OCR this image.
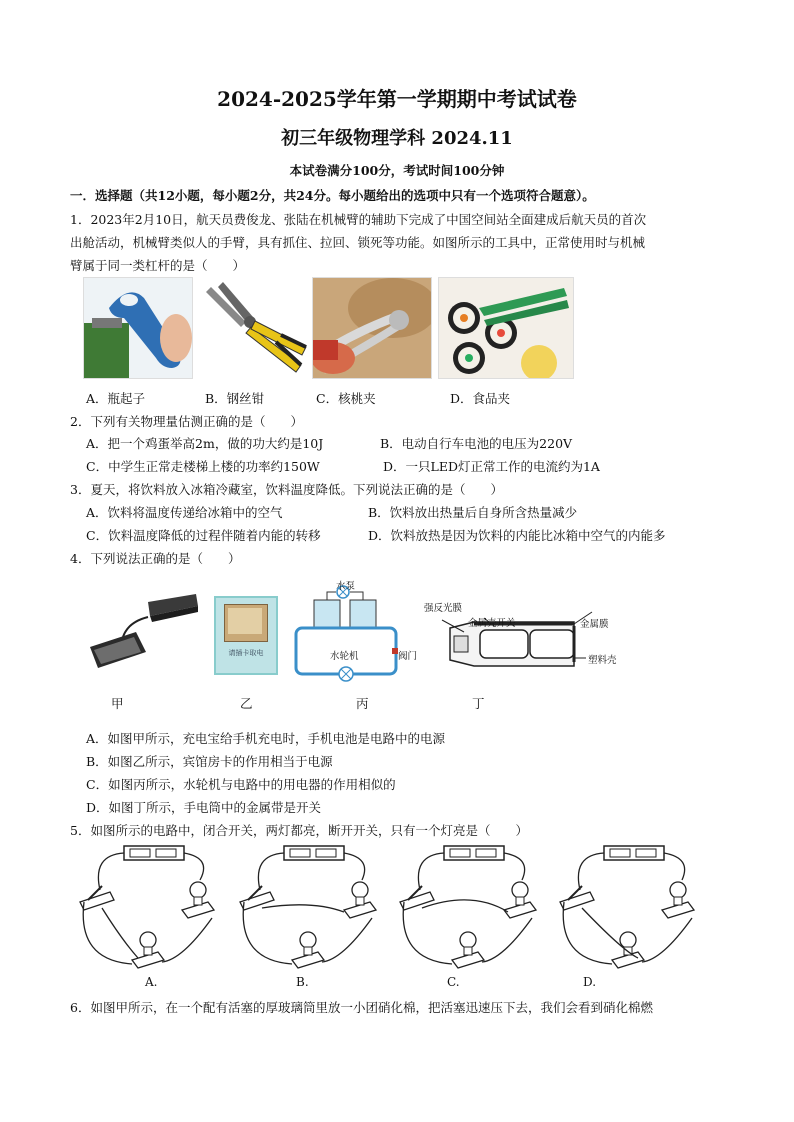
2024-2025学年第一学期期中考试试卷
初三年级物理学科 2024.11
本试卷满分100分，考试时间100分钟
一．选择题（共12小题，每小题2分，共24分。每小题给出的选项中只有一个选项符合题意）。
1．2023年2月10日，航天员费俊龙、张陆在机械臂的辅助下完成了中国空间站全面建成后航天员的首次
出舱活动，机械臂类似人的手臂，具有抓住、拉回、锁死等功能。如图所示的工具中，正常使用时与机械
臂属于同一类杠杆的是（　　）
A．瓶起子	B．钢丝钳	C．核桃夹	D．食品夹
2．下列有关物理量估测正确的是（　　）
A．把一个鸡蛋举高2m，做的功大约是10J	B．电动自行车电池的电压为220V
C．中学生正常走楼梯上楼的功率约150W	D．一只LED灯正常工作的电流约为1A
3．夏天，将饮料放入冰箱冷藏室，饮料温度降低。下列说法正确的是（　　）
A．饮料将温度传递给冰箱中的空气	B．饮料放出热量后自身所含热量减少
C．饮料温度降低的过程伴随着内能的转移	D．饮料放热是因为饮料的内能比冰箱中空气的内能多
4．下列说法正确的是（　　）
请插卡取电
水泵
水轮机	阀门
强反光膜
金属壳开关	金属膜
塑料壳
甲	乙	丙	丁
A．如图甲所示，充电宝给手机充电时，手机电池是电路中的电源
B．如图乙所示，宾馆房卡的作用相当于电源
C．如图丙所示，水轮机与电路中的用电器的作用相似的
D．如图丁所示，手电筒中的金属带是开关
5．如图所示的电路中，闭合开关，两灯都亮，断开开关，只有一个灯亮是（　　）
A.	B.	C.	D.
6．如图甲所示，在一个配有活塞的厚玻璃筒里放一小团硝化棉，把活塞迅速压下去，我们会看到硝化棉燃
